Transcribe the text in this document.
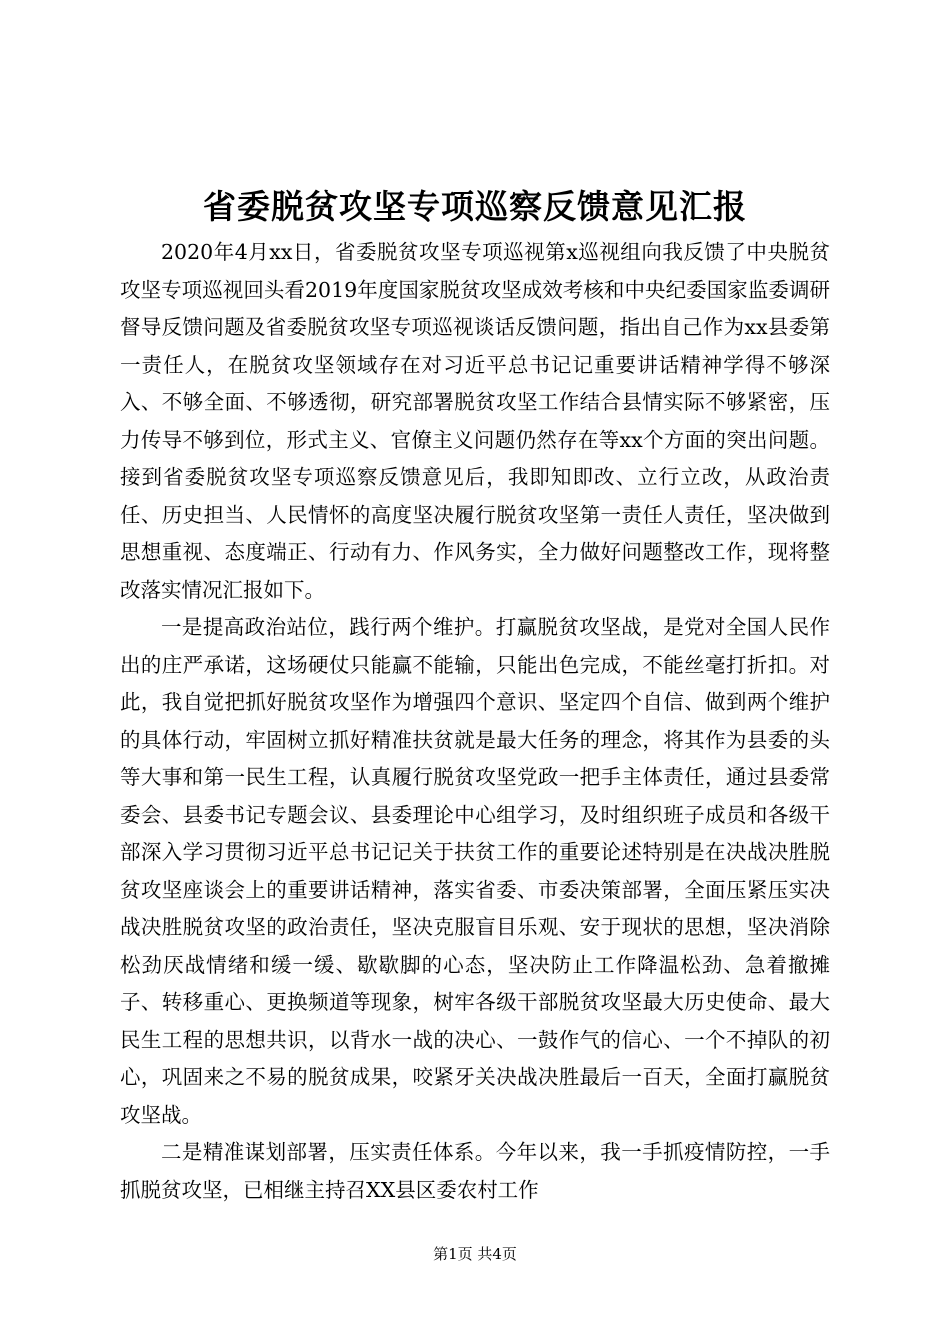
省委脱贫攻坚专项巡察反馈意见汇报

2020年4月xx日，省委脱贫攻坚专项巡视第x巡视组向我反馈了中央脱贫攻坚专项巡视回头看2019年度国家脱贫攻坚成效考核和中央纪委国家监委调研督导反馈问题及省委脱贫攻坚专项巡视谈话反馈问题，指出自己作为xx县委第一责任人，在脱贫攻坚领域存在对习近平总书记记重要讲话精神学得不够深入、不够全面、不够透彻，研究部署脱贫攻坚工作结合县情实际不够紧密，压力传导不够到位，形式主义、官僚主义问题仍然存在等xx个方面的突出问题。接到省委脱贫攻坚专项巡察反馈意见后，我即知即改、立行立改，从政治责任、历史担当、人民情怀的高度坚决履行脱贫攻坚第一责任人责任，坚决做到思想重视、态度端正、行动有力、作风务实，全力做好问题整改工作，现将整改落实情况汇报如下。

一是提高政治站位，践行两个维护。打赢脱贫攻坚战，是党对全国人民作出的庄严承诺，这场硬仗只能赢不能输，只能出色完成，不能丝毫打折扣。对此，我自觉把抓好脱贫攻坚作为增强四个意识、坚定四个自信、做到两个维护的具体行动，牢固树立抓好精准扶贫就是最大任务的理念，将其作为县委的头等大事和第一民生工程，认真履行脱贫攻坚党政一把手主体责任，通过县委常委会、县委书记专题会议、县委理论中心组学习，及时组织班子成员和各级干部深入学习贯彻习近平总书记记关于扶贫工作的重要论述特别是在决战决胜脱贫攻坚座谈会上的重要讲话精神，落实省委、市委决策部署，全面压紧压实决战决胜脱贫攻坚的政治责任，坚决克服盲目乐观、安于现状的思想，坚决消除松劲厌战情绪和缓一缓、歇歇脚的心态，坚决防止工作降温松劲、急着撤摊子、转移重心、更换频道等现象，树牢各级干部脱贫攻坚最大历史使命、最大民生工程的思想共识，以背水一战的决心、一鼓作气的信心、一个不掉队的初心，巩固来之不易的脱贫成果，咬紧牙关决战决胜最后一百天，全面打赢脱贫攻坚战。

二是精准谋划部署，压实责任体系。今年以来，我一手抓疫情防控，一手抓脱贫攻坚，已相继主持召XX县区委农村工作

第1页 共4页
